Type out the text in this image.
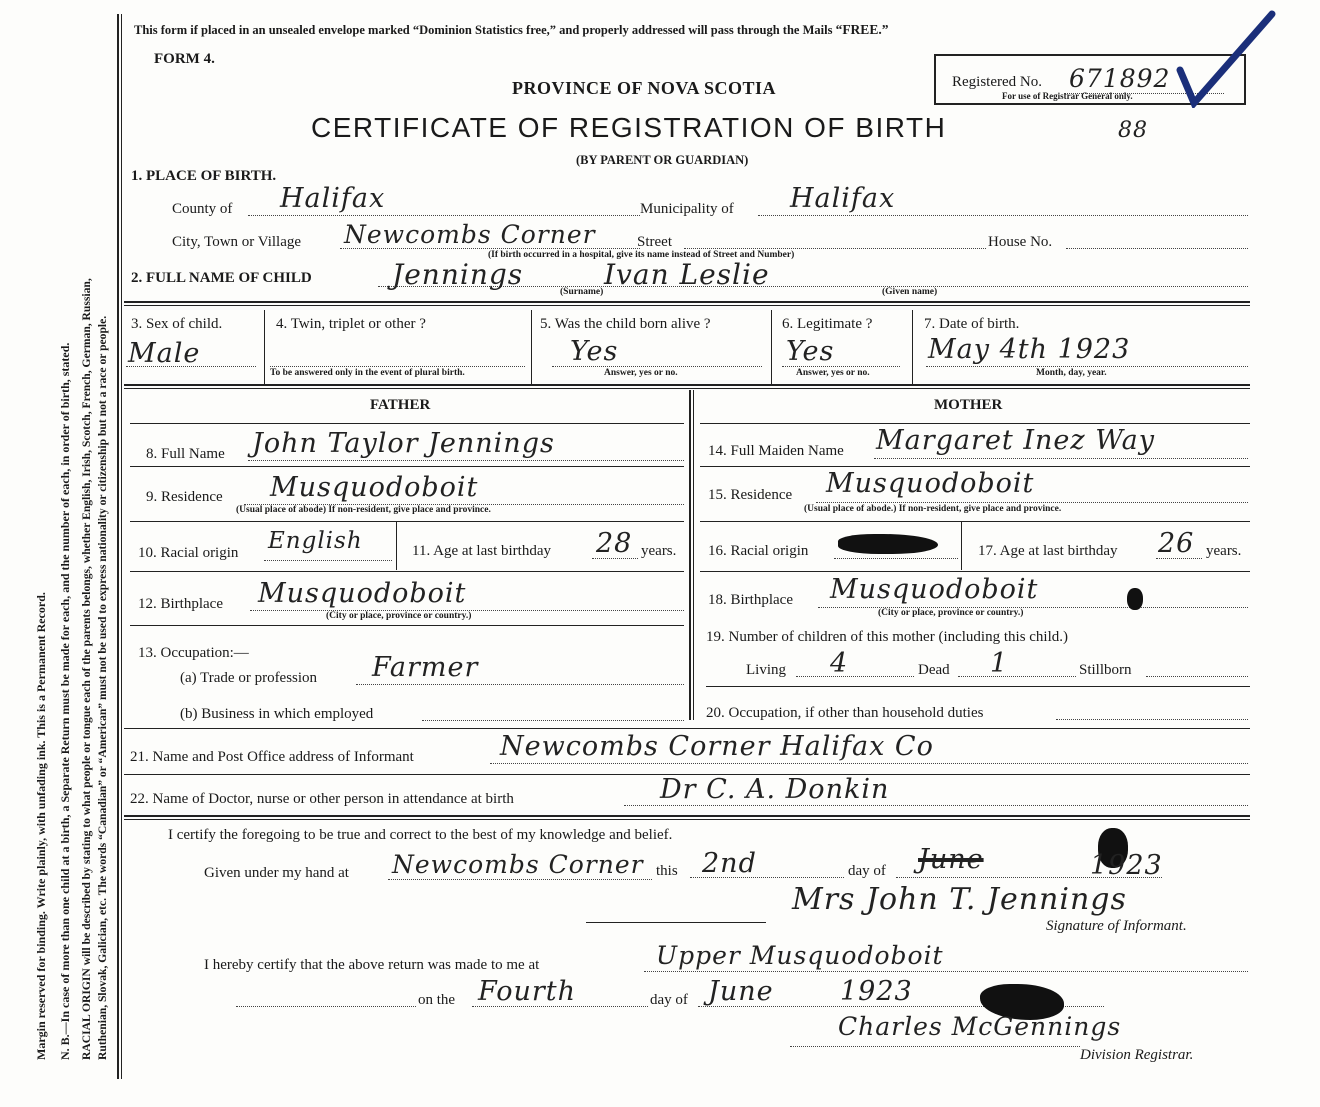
Margin reserved for binding. Write plainly, with unfading ink. This is a Permanent Record. N. B.—In case of more than one child at a birth, a Separate Return must be made for each, and the number of each, in order of birth, stated. RACIAL ORIGIN will be described by stating to what people or tongue each of the parents belongs, whether English, Irish, Scotch, French, German, Russian, Ruthenian, Slovak, Galician, etc. The words “Canadian” or “American” must not be used to express nationality or citizenship but not a race or people.
This form if placed in an unsealed envelope marked “Dominion Statistics free,” and properly addressed will pass through the Mails “FREE.”
FORM 4.
PROVINCE OF NOVA SCOTIA
CERTIFICATE OF REGISTRATION OF BIRTH
(BY PARENT OR GUARDIAN)
Registered No. 671892
For use of Registrar General only.
88
1. PLACE OF BIRTH.
County of Halifax	Municipality of Halifax
City, Town or Village Newcombs Corner	Street	House No.
(If birth occurred in a hospital, give its name instead of Street and Number)
2. FULL NAME OF CHILD	Jennings	Ivan Leslie
(Surname)	(Given name)
3. Sex of child.
Male
4. Twin, triplet or other ?
To be answered only in the event of plural birth.
5. Was the child born alive ?
Yes
Answer, yes or no.
6. Legitimate ?
Yes
Answer, yes or no.
7. Date of birth.
May 4th 1923
Month, day, year.
FATHER	MOTHER
8. Full Name John Taylor Jennings
9. Residence Musquodoboit
(Usual place of abode) If non-resident, give place and province.
10. Racial origin English	11. Age at last birthday 28 years.
12. Birthplace Musquodoboit
(City or place, province or country.)
13. Occupation:—
(a) Trade or profession Farmer
(b) Business in which employed
14. Full Maiden Name Margaret Inez Way
15. Residence Musquodoboit
(Usual place of abode.) If non-resident, give place and province.
16. Racial origin	17. Age at last birthday 26 years.
18. Birthplace Musquodoboit
(City or place, province or country.)
19. Number of children of this mother (including this child.)
Living 4	Dead 1	Stillborn
20. Occupation, if other than household duties
21. Name and Post Office address of Informant	Newcombs Corner Halifax Co
22. Name of Doctor, nurse or other person in attendance at birth	Dr C. A. Donkin
I certify the foregoing to be true and correct to the best of my knowledge and belief.
Given under my hand at Newcombs Corner this 2nd	day of June	1923
Mrs John T. Jennings
Signature of Informant.
I hereby certify that the above return was made to me at	Upper Musquodoboit
on the Fourth	day of June 1923
Charles McGennings
Division Registrar.
